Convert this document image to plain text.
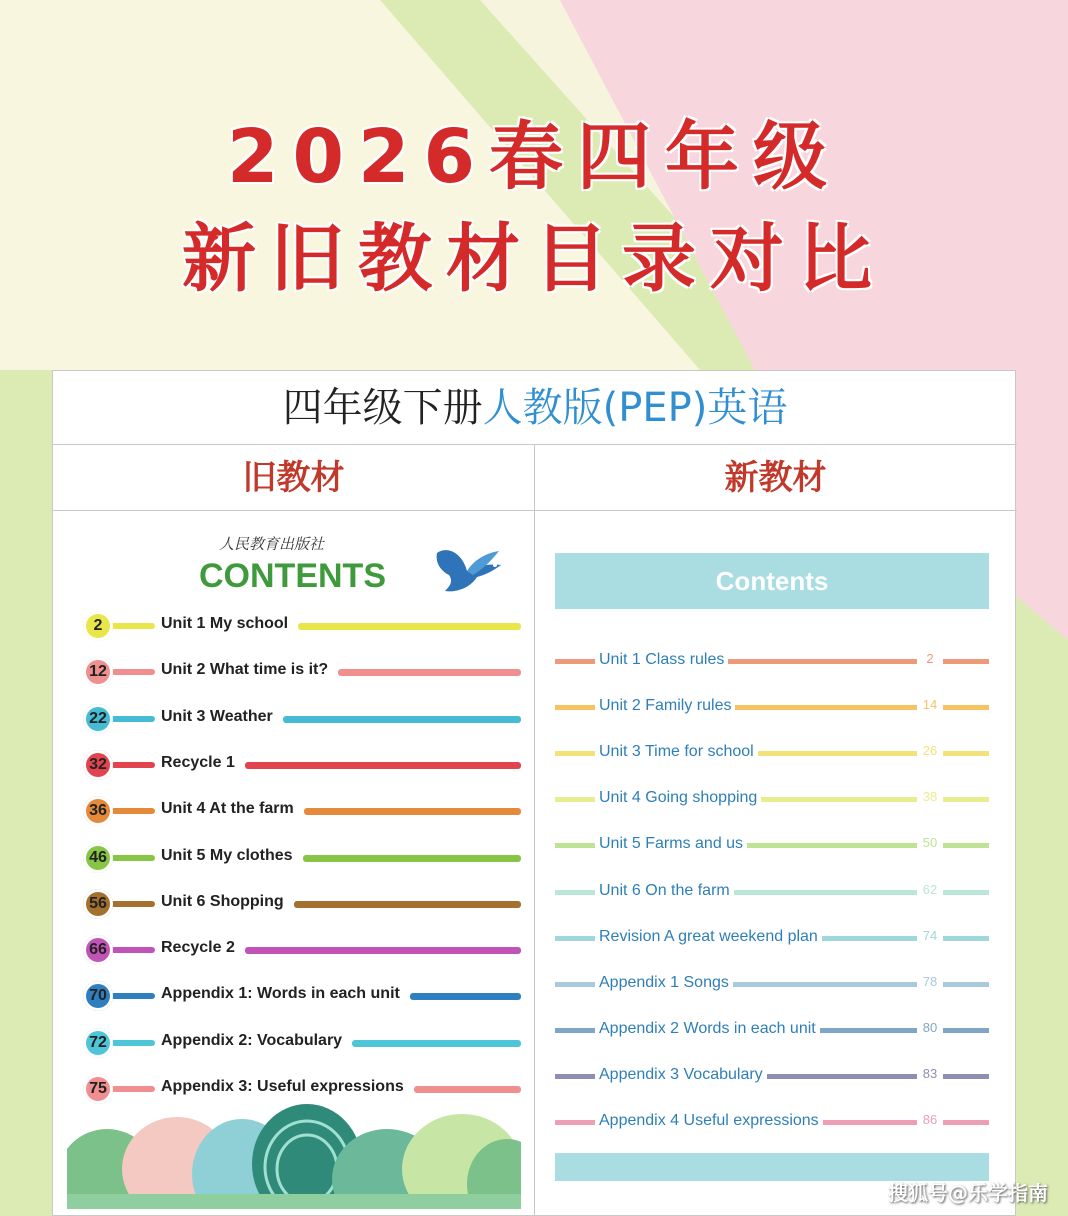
2026春四年级
新旧教材目录对比
四年级下册人教版(PEP)英语
旧教材	新教材
人民教育出版社
CONTENTS
2	Unit 1 My school
12	Unit 2 What time is it?
22	Unit 3 Weather
32	Recycle 1
36	Unit 4 At the farm
46	Unit 5 My clothes
56	Unit 6 Shopping
66	Recycle 2
70	Appendix 1: Words in each unit
72	Appendix 2: Vocabulary
75	Appendix 3: Useful expressions
Contents
Unit 1 Class rules	2
Unit 2 Family rules	14
Unit 3 Time for school	26
Unit 4 Going shopping	38
Unit 5 Farms and us	50
Unit 6 On the farm	62
Revision A great weekend plan	74
Appendix 1 Songs	78
Appendix 2 Words in each unit	80
Appendix 3 Vocabulary	83
Appendix 4 Useful expressions	86
搜狐号@乐学指南
